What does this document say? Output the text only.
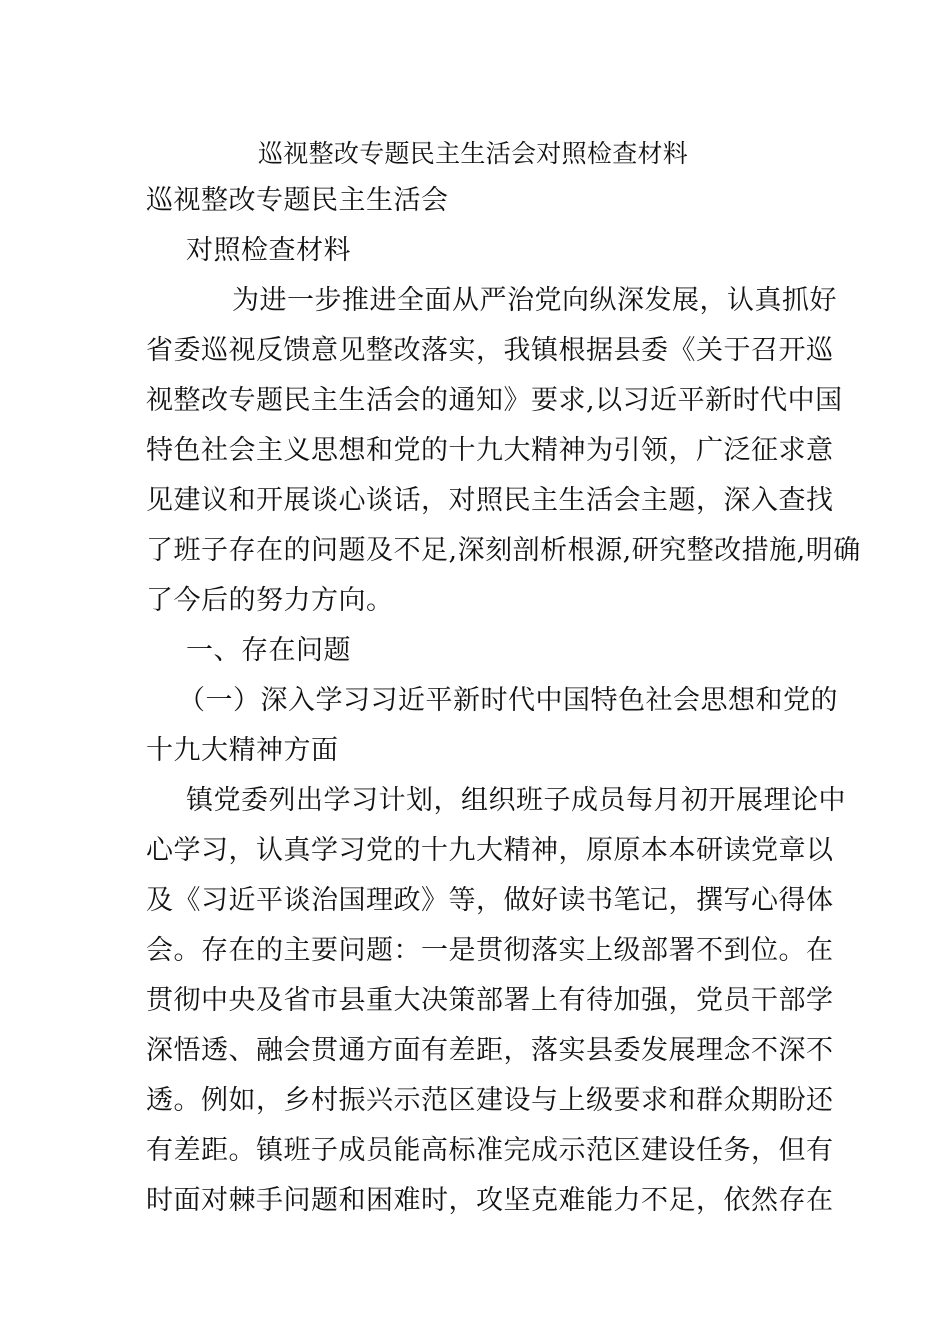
巡视整改专题民主生活会对照检查材料
巡视整改专题民主生活会
对照检查材料
为进一步推进全面从严治党向纵深发展，认真抓好
省委巡视反馈意见整改落实，我镇根据县委《关于召开巡
视整改专题民主生活会的通知》要求,以习近平新时代中国
特色社会主义思想和党的十九大精神为引领，广泛征求意
见建议和开展谈心谈话，对照民主生活会主题，深入查找
了班子存在的问题及不足,深刻剖析根源,研究整改措施,明确
了今后的努力方向。
一、存在问题
（一）深入学习习近平新时代中国特色社会思想和党的
十九大精神方面
镇党委列出学习计划，组织班子成员每月初开展理论中
心学习，认真学习党的十九大精神，原原本本研读党章以
及《习近平谈治国理政》等，做好读书笔记，撰写心得体
会。存在的主要问题：一是贯彻落实上级部署不到位。在
贯彻中央及省市县重大决策部署上有待加强，党员干部学
深悟透、融会贯通方面有差距，落实县委发展理念不深不
透。例如，乡村振兴示范区建设与上级要求和群众期盼还
有差距。镇班子成员能高标准完成示范区建设任务，但有
时面对棘手问题和困难时，攻坚克难能力不足，依然存在
